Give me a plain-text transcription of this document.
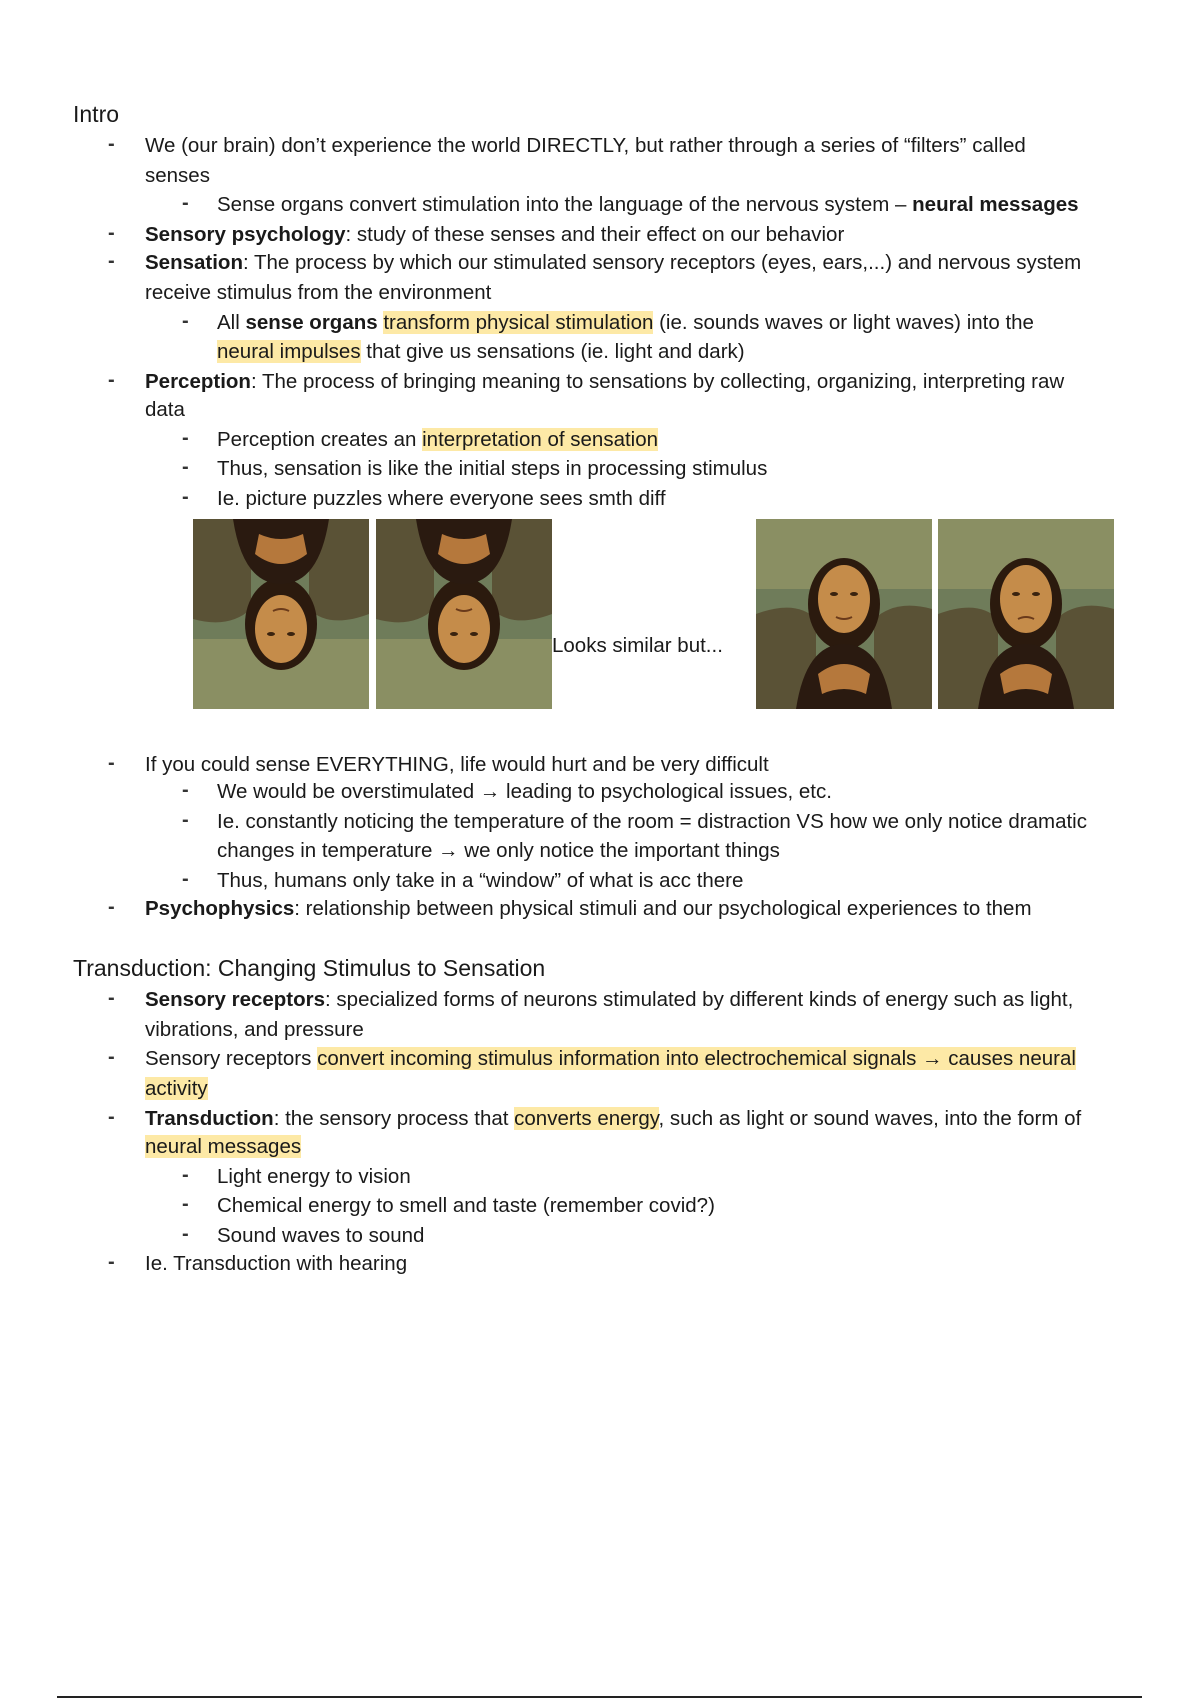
Intro
- We (our brain) don’t experience the world DIRECTLY, but rather through a series of “filters” called
senses
- Sense organs convert stimulation into the language of the nervous system – neural messages
- Sensory psychology: study of these senses and their effect on our behavior
- Sensation: The process by which our stimulated sensory receptors (eyes, ears,...) and nervous system
receive stimulus from the environment
- All sense organs transform physical stimulation (ie. sounds waves or light waves) into the
neural impulses that give us sensations (ie. light and dark)
- Perception: The process of bringing meaning to sensations by collecting, organizing, interpreting raw
data
- Perception creates an interpretation of sensation
- Thus, sensation is like the initial steps in processing stimulus
- Ie. picture puzzles where everyone sees smth diff
Looks similar but...
- If you could sense EVERYTHING, life would hurt and be very difficult
- We would be overstimulated → leading to psychological issues, etc.
- Ie. constantly noticing the temperature of the room = distraction VS how we only notice dramatic
changes in temperature → we only notice the important things
- Thus, humans only take in a “window” of what is acc there
- Psychophysics: relationship between physical stimuli and our psychological experiences to them
Transduction: Changing Stimulus to Sensation
- Sensory receptors: specialized forms of neurons stimulated by different kinds of energy such as light,
vibrations, and pressure
- Sensory receptors convert incoming stimulus information into electrochemical signals → causes neural
activity
- Transduction: the sensory process that converts energy, such as light or sound waves, into the form of
neural messages
- Light energy to vision
- Chemical energy to smell and taste (remember covid?)
- Sound waves to sound
- Ie. Transduction with hearing
